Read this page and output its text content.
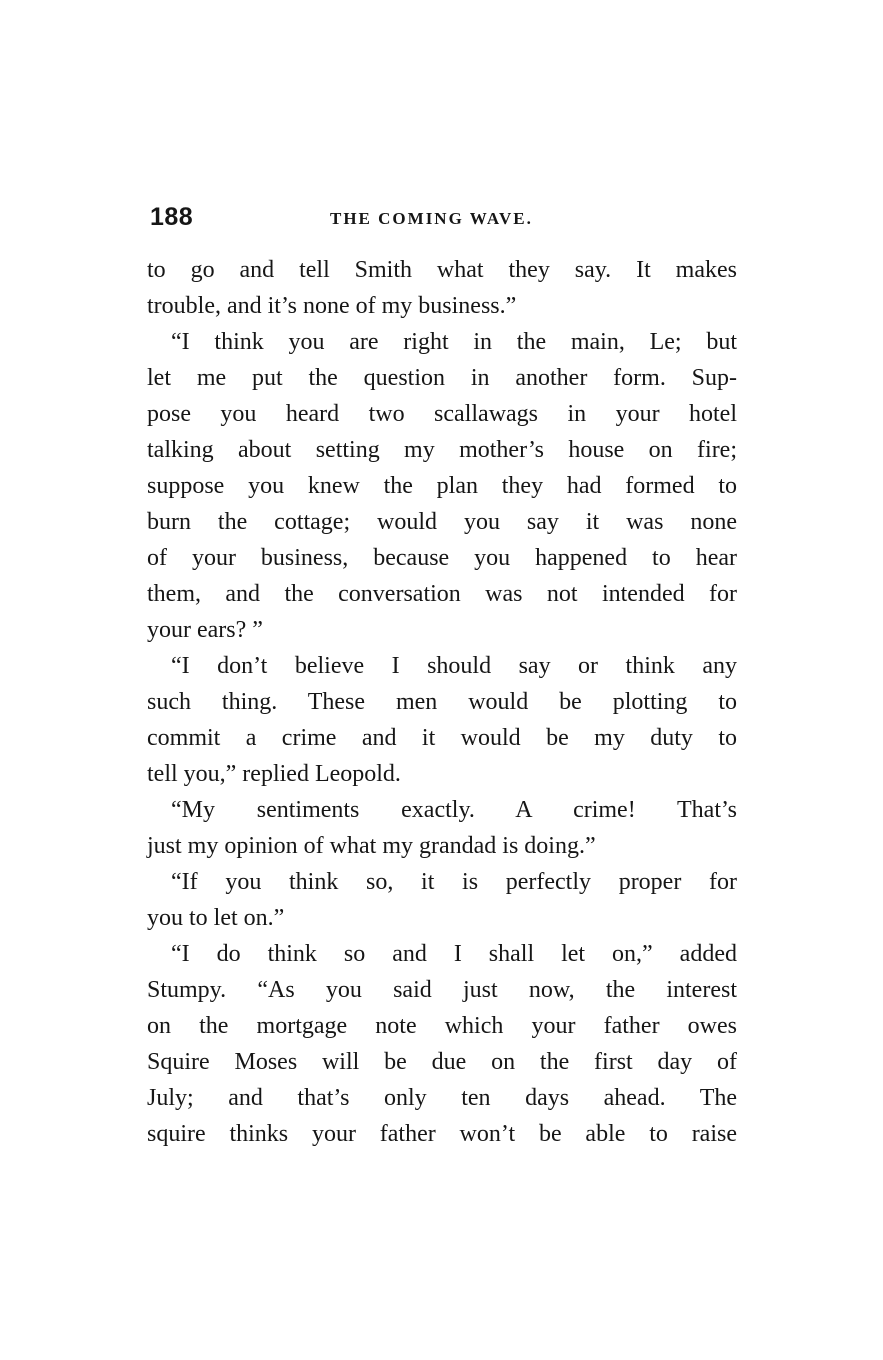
188	THE COMING WAVE.
to go and tell Smith what they say. It makes
trouble, and it’s none of my business.”
“I think you are right in the main, Le; but
let me put the question in another form. Sup-
pose you heard two scallawags in your hotel
talking about setting my mother’s house on fire;
suppose you knew the plan they had formed to
burn the cottage; would you say it was none
of your business, because you happened to hear
them, and the conversation was not intended for
your ears? ”
“I don’t believe I should say or think any
such thing. These men would be plotting to
commit a crime and it would be my duty to
tell you,” replied Leopold.
“My sentiments exactly. A crime! That’s
just my opinion of what my grandad is doing.”
“If you think so, it is perfectly proper for
you to let on.”
“I do think so and I shall let on,” added
Stumpy. “As you said just now, the interest
on the mortgage note which your father owes
Squire Moses will be due on the first day of
July; and that’s only ten days ahead. The
squire thinks your father won’t be able to raise
